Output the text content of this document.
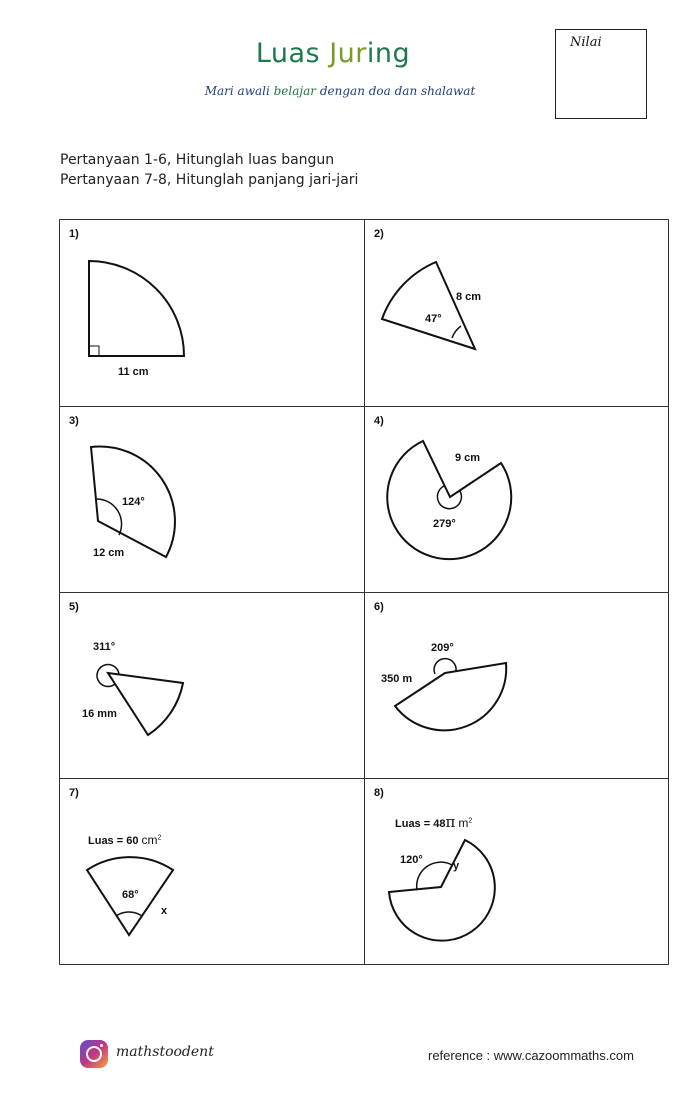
Luas Juring
Mari awali belajar dengan doa dan shalawat
Nilai
Pertanyaan 1-6, Hitunglah luas bangun
Pertanyaan 7-8, Hitunglah panjang jari-jari
1)
11 cm
2)
8 cm
47°
3)
124°
12 cm
4)
9 cm
279°
5)
311°
16 mm
6)
209°
350 m
7)
Luas = 60 $cm^2$
68°
x
8)
Luas = 48π $m^2$
120°	y
mathstoodent	reference : www.cazoommaths.com
